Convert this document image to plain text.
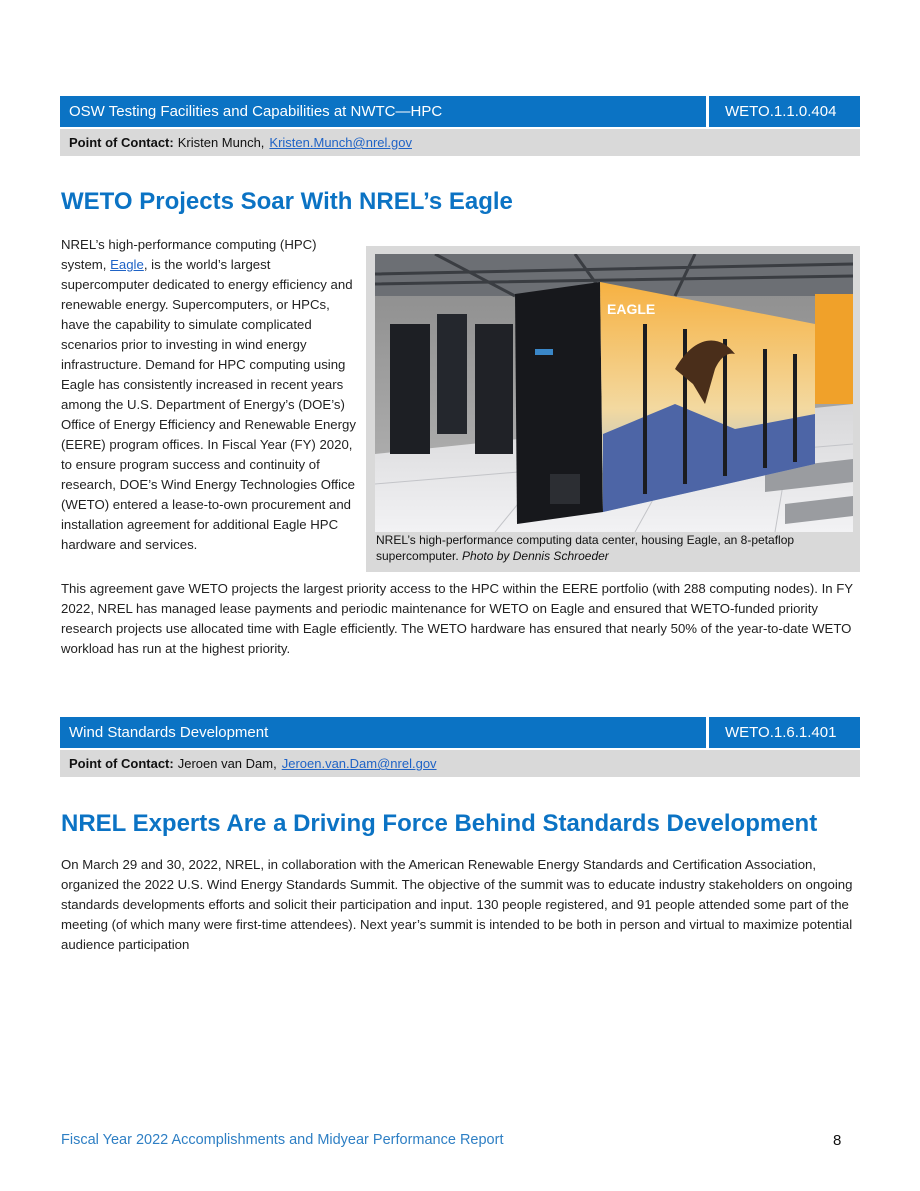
OSW Testing Facilities and Capabilities at NWTC—HPC	WETO.1.1.0.404
Point of Contact: Kristen Munch, Kristen.Munch@nrel.gov
WETO Projects Soar With NREL’s Eagle
NREL’s high-performance computing (HPC) system, Eagle, is the world’s largest supercomputer dedicated to energy efficiency and renewable energy. Supercomputers, or HPCs, have the capability to simulate complicated scenarios prior to investing in wind energy infrastructure. Demand for HPC computing using Eagle has consistently increased in recent years among the U.S. Department of Energy’s (DOE’s) Office of Energy Efficiency and Renewable Energy (EERE) program offices. In Fiscal Year (FY) 2020, to ensure program success and continuity of research, DOE’s Wind Energy Technologies Office (WETO) entered a lease-to-own procurement and installation agreement for additional Eagle HPC hardware and services.
EAGLE
NREL’s high-performance computing data center, housing Eagle, an 8-petaflop supercomputer. Photo by Dennis Schroeder
This agreement gave WETO projects the largest priority access to the HPC within the EERE portfolio (with 288 computing nodes). In FY 2022, NREL has managed lease payments and periodic maintenance for WETO on Eagle and ensured that WETO-funded priority research projects use allocated time with Eagle efficiently. The WETO hardware has ensured that nearly 50% of the year-to-date WETO workload has run at the highest priority.
Wind Standards Development	WETO.1.6.1.401
Point of Contact: Jeroen van Dam, Jeroen.van.Dam@nrel.gov
NREL Experts Are a Driving Force Behind Standards Development
On March 29 and 30, 2022, NREL, in collaboration with the American Renewable Energy Standards and Certification Association, organized the 2022 U.S. Wind Energy Standards Summit. The objective of the summit was to educate industry stakeholders on ongoing standards developments efforts and solicit their participation and input. 130 people registered, and 91 people attended some part of the meeting (of which many were first-time attendees). Next year’s summit is intended to be both in person and virtual to maximize potential audience participation
Fiscal Year 2022 Accomplishments and Midyear Performance Report	8
